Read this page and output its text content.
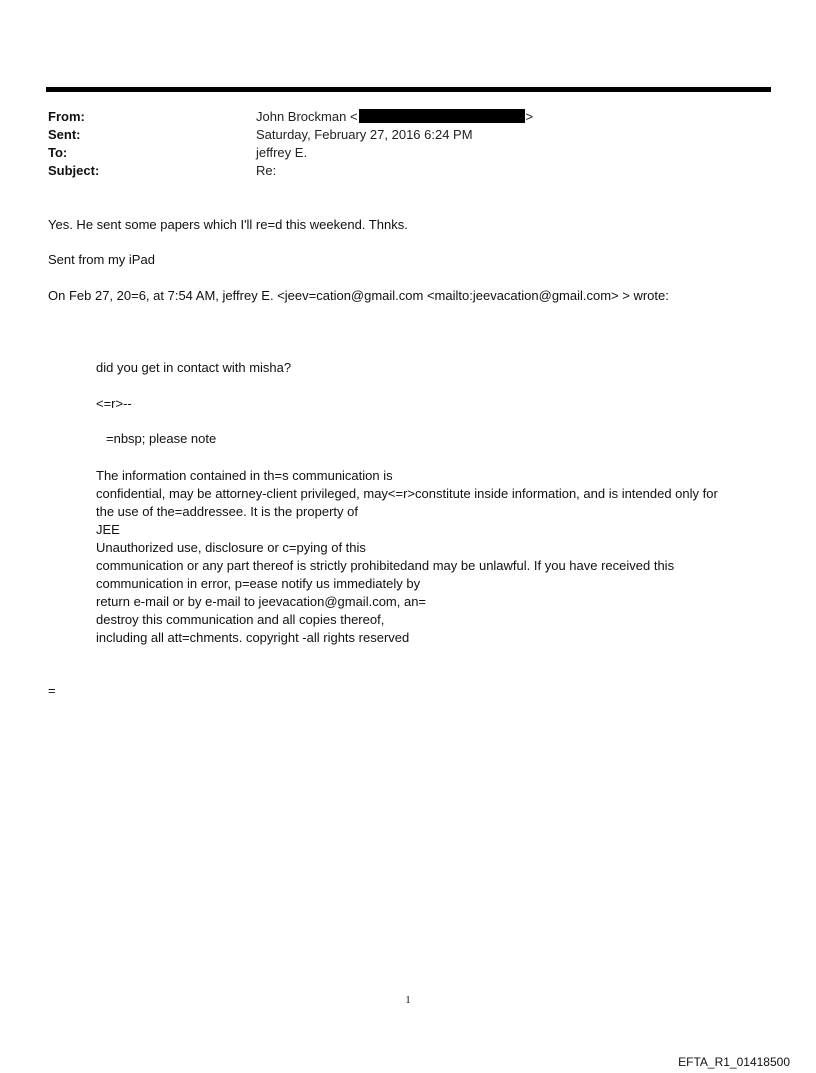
From:	John Brockman <	>
Sent:	Saturday, February 27, 2016 6:24 PM
To:	jeffrey E.
Subject:	Re:
Yes. He sent some papers which I'll re=d this weekend. Thnks.
Sent from my iPad
On Feb 27, 20=6, at 7:54 AM, jeffrey E. <jeev=cation@gmail.com <mailto:jeevacation@gmail.com> > wrote:
did you get in contact with misha?
<=r>--
=nbsp; please note
The information contained in th=s communication is
confidential, may be attorney-client privileged, may<=r>constitute inside information, and is intended only for
the use of the=addressee. It is the property of
JEE
Unauthorized use, disclosure or c=pying of this
communication or any part thereof is strictly prohibitedand may be unlawful. If you have received this
communication in error, p=ease notify us immediately by
return e-mail or by e-mail to jeevacation@gmail.com, an=
destroy this communication and all copies thereof,
including all att=chments. copyright -all rights reserved
=
1
EFTA_R1_01418500
